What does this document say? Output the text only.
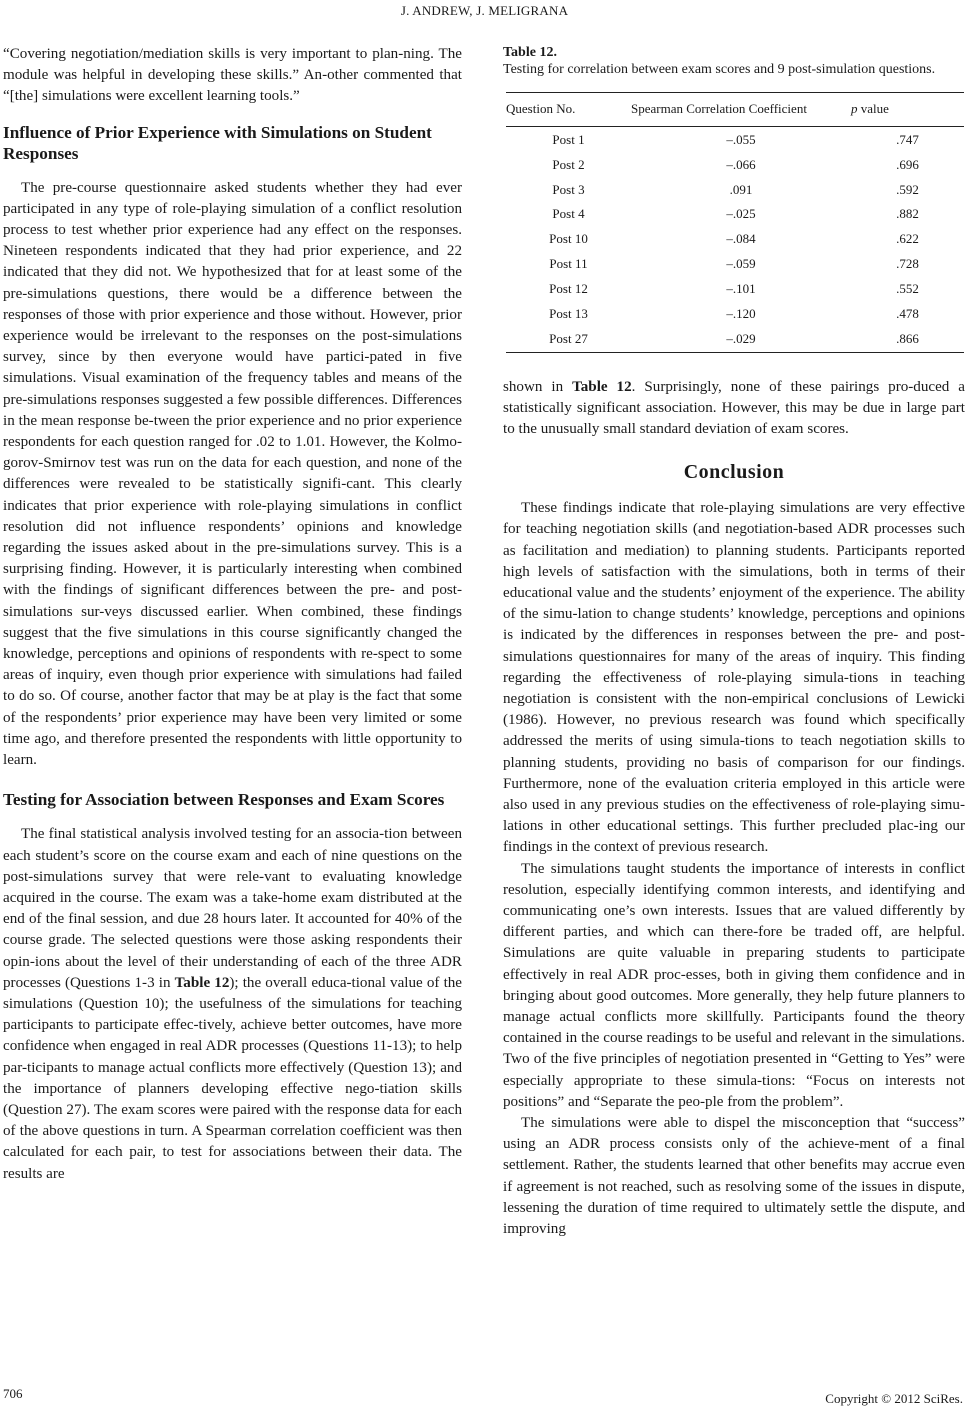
J. ANDREW, J. MELIGRANA

“Covering negotiation/mediation skills is very important to plan-ning. The module was helpful in developing these skills.” An-other commented that “[the] simulations were excellent learning tools.”

Influence of Prior Experience with Simulations on Student Responses

The pre-course questionnaire asked students whether they had ever participated in any type of role-playing simulation of a conflict resolution process to test whether prior experience had any effect on the responses. Nineteen respondents indicated that they had prior experience, and 22 indicated that they did not. We hypothesized that for at least some of the pre-simulations questions, there would be a difference between the responses of those with prior experience and those without. However, prior experience would be irrelevant to the responses on the post-simulations survey, since by then everyone would have partici-pated in five simulations. Visual examination of the frequency tables and means of the pre-simulations responses suggested a few possible differences. Differences in the mean response be-tween the prior experience and no prior experience respondents for each question ranged for .02 to 1.01. However, the Kolmo-gorov-Smirnov test was run on the data for each question, and none of the differences were revealed to be statistically signifi-cant. This clearly indicates that prior experience with role-playing simulations in conflict resolution did not influence respondents’ opinions and knowledge regarding the issues asked about in the pre-simulations survey. This is a surprising finding. However, it is particularly interesting when combined with the findings of significant differences between the pre- and post-simulations sur-veys discussed earlier. When combined, these findings suggest that the five simulations in this course significantly changed the knowledge, perceptions and opinions of respondents with re-spect to some areas of inquiry, even though prior experience with simulations had failed to do so. Of course, another factor that may be at play is the fact that some of the respondents’ prior experience may have been very limited or some time ago, and therefore presented the respondents with little opportunity to learn.

Testing for Association between Responses and Exam Scores

The final statistical analysis involved testing for an associa-tion between each student’s score on the course exam and each of nine questions on the post-simulations survey that were rele-vant to evaluating knowledge acquired in the course. The exam was a take-home exam distributed at the end of the final session, and due 28 hours later. It accounted for 40% of the course grade. The selected questions were those asking respondents their opin-ions about the level of their understanding of each of the three ADR processes (Questions 1-3 in Table 12); the overall educa-tional value of the simulations (Question 10); the usefulness of the simulations for teaching participants to participate effec-tively, achieve better outcomes, have more confidence when engaged in real ADR processes (Questions 11-13); to help par-ticipants to manage actual conflicts more effectively (Question 13); and the importance of planners developing effective nego-tiation skills (Question 27). The exam scores were paired with the response data for each of the above questions in turn. A Spearman correlation coefficient was then calculated for each pair, to test for associations between their data. The results are

Table 12.
Testing for correlation between exam scores and 9 post-simulation questions.
Question No.	Spearman Correlation Coefficient	p value
Post 1	–.055	.747
Post 2	–.066	.696
Post 3	.091	.592
Post 4	–.025	.882
Post 10	–.084	.622
Post 11	–.059	.728
Post 12	–.101	.552
Post 13	–.120	.478
Post 27	–.029	.866

shown in Table 12. Surprisingly, none of these pairings pro-duced a statistically significant association. However, this may be due in large part to the unusually small standard deviation of exam scores.

Conclusion

These findings indicate that role-playing simulations are very effective for teaching negotiation skills (and negotiation-based ADR processes such as facilitation and mediation) to planning students. Participants reported high levels of satisfaction with the simulations, both in terms of their educational value and the students’ enjoyment of the experience. The ability of the simu-lation to change students’ knowledge, perceptions and opinions is indicated by the differences in responses between the pre- and post-simulations questionnaires for many of the areas of inquiry. This finding regarding the effectiveness of role-playing simula-tions in teaching negotiation is consistent with the non-empirical conclusions of Lewicki (1986). However, no previous research was found which specifically addressed the merits of using simula-tions to teach negotiation skills to planning students, providing no basis of comparison for our findings. Furthermore, none of the evaluation criteria employed in this article were also used in any previous studies on the effectiveness of role-playing simu-lations in other educational settings. This further precluded plac-ing our findings in the context of previous research.

The simulations taught students the importance of interests in conflict resolution, especially identifying common interests, and identifying and communicating one’s own interests. Issues that are valued differently by different parties, and which can there-fore be traded off, are helpful. Simulations are quite valuable in preparing students to participate effectively in real ADR proc-esses, both in giving them confidence and in bringing about good outcomes. More generally, they help future planners to manage actual conflicts more skillfully. Participants found the theory contained in the course readings to be useful and relevant in the simulations. Two of the five principles of negotiation presented in “Getting to Yes” were especially appropriate to these simula-tions: “Focus on interests not positions” and “Separate the peo-ple from the problem”.

The simulations were able to dispel the misconception that “success” using an ADR process consists only of the achieve-ment of a final settlement. Rather, the students learned that other benefits may accrue even if agreement is not reached, such as resolving some of the issues in dispute, lessening the duration of time required to ultimately settle the dispute, and improving

706	Copyright © 2012 SciRes.
